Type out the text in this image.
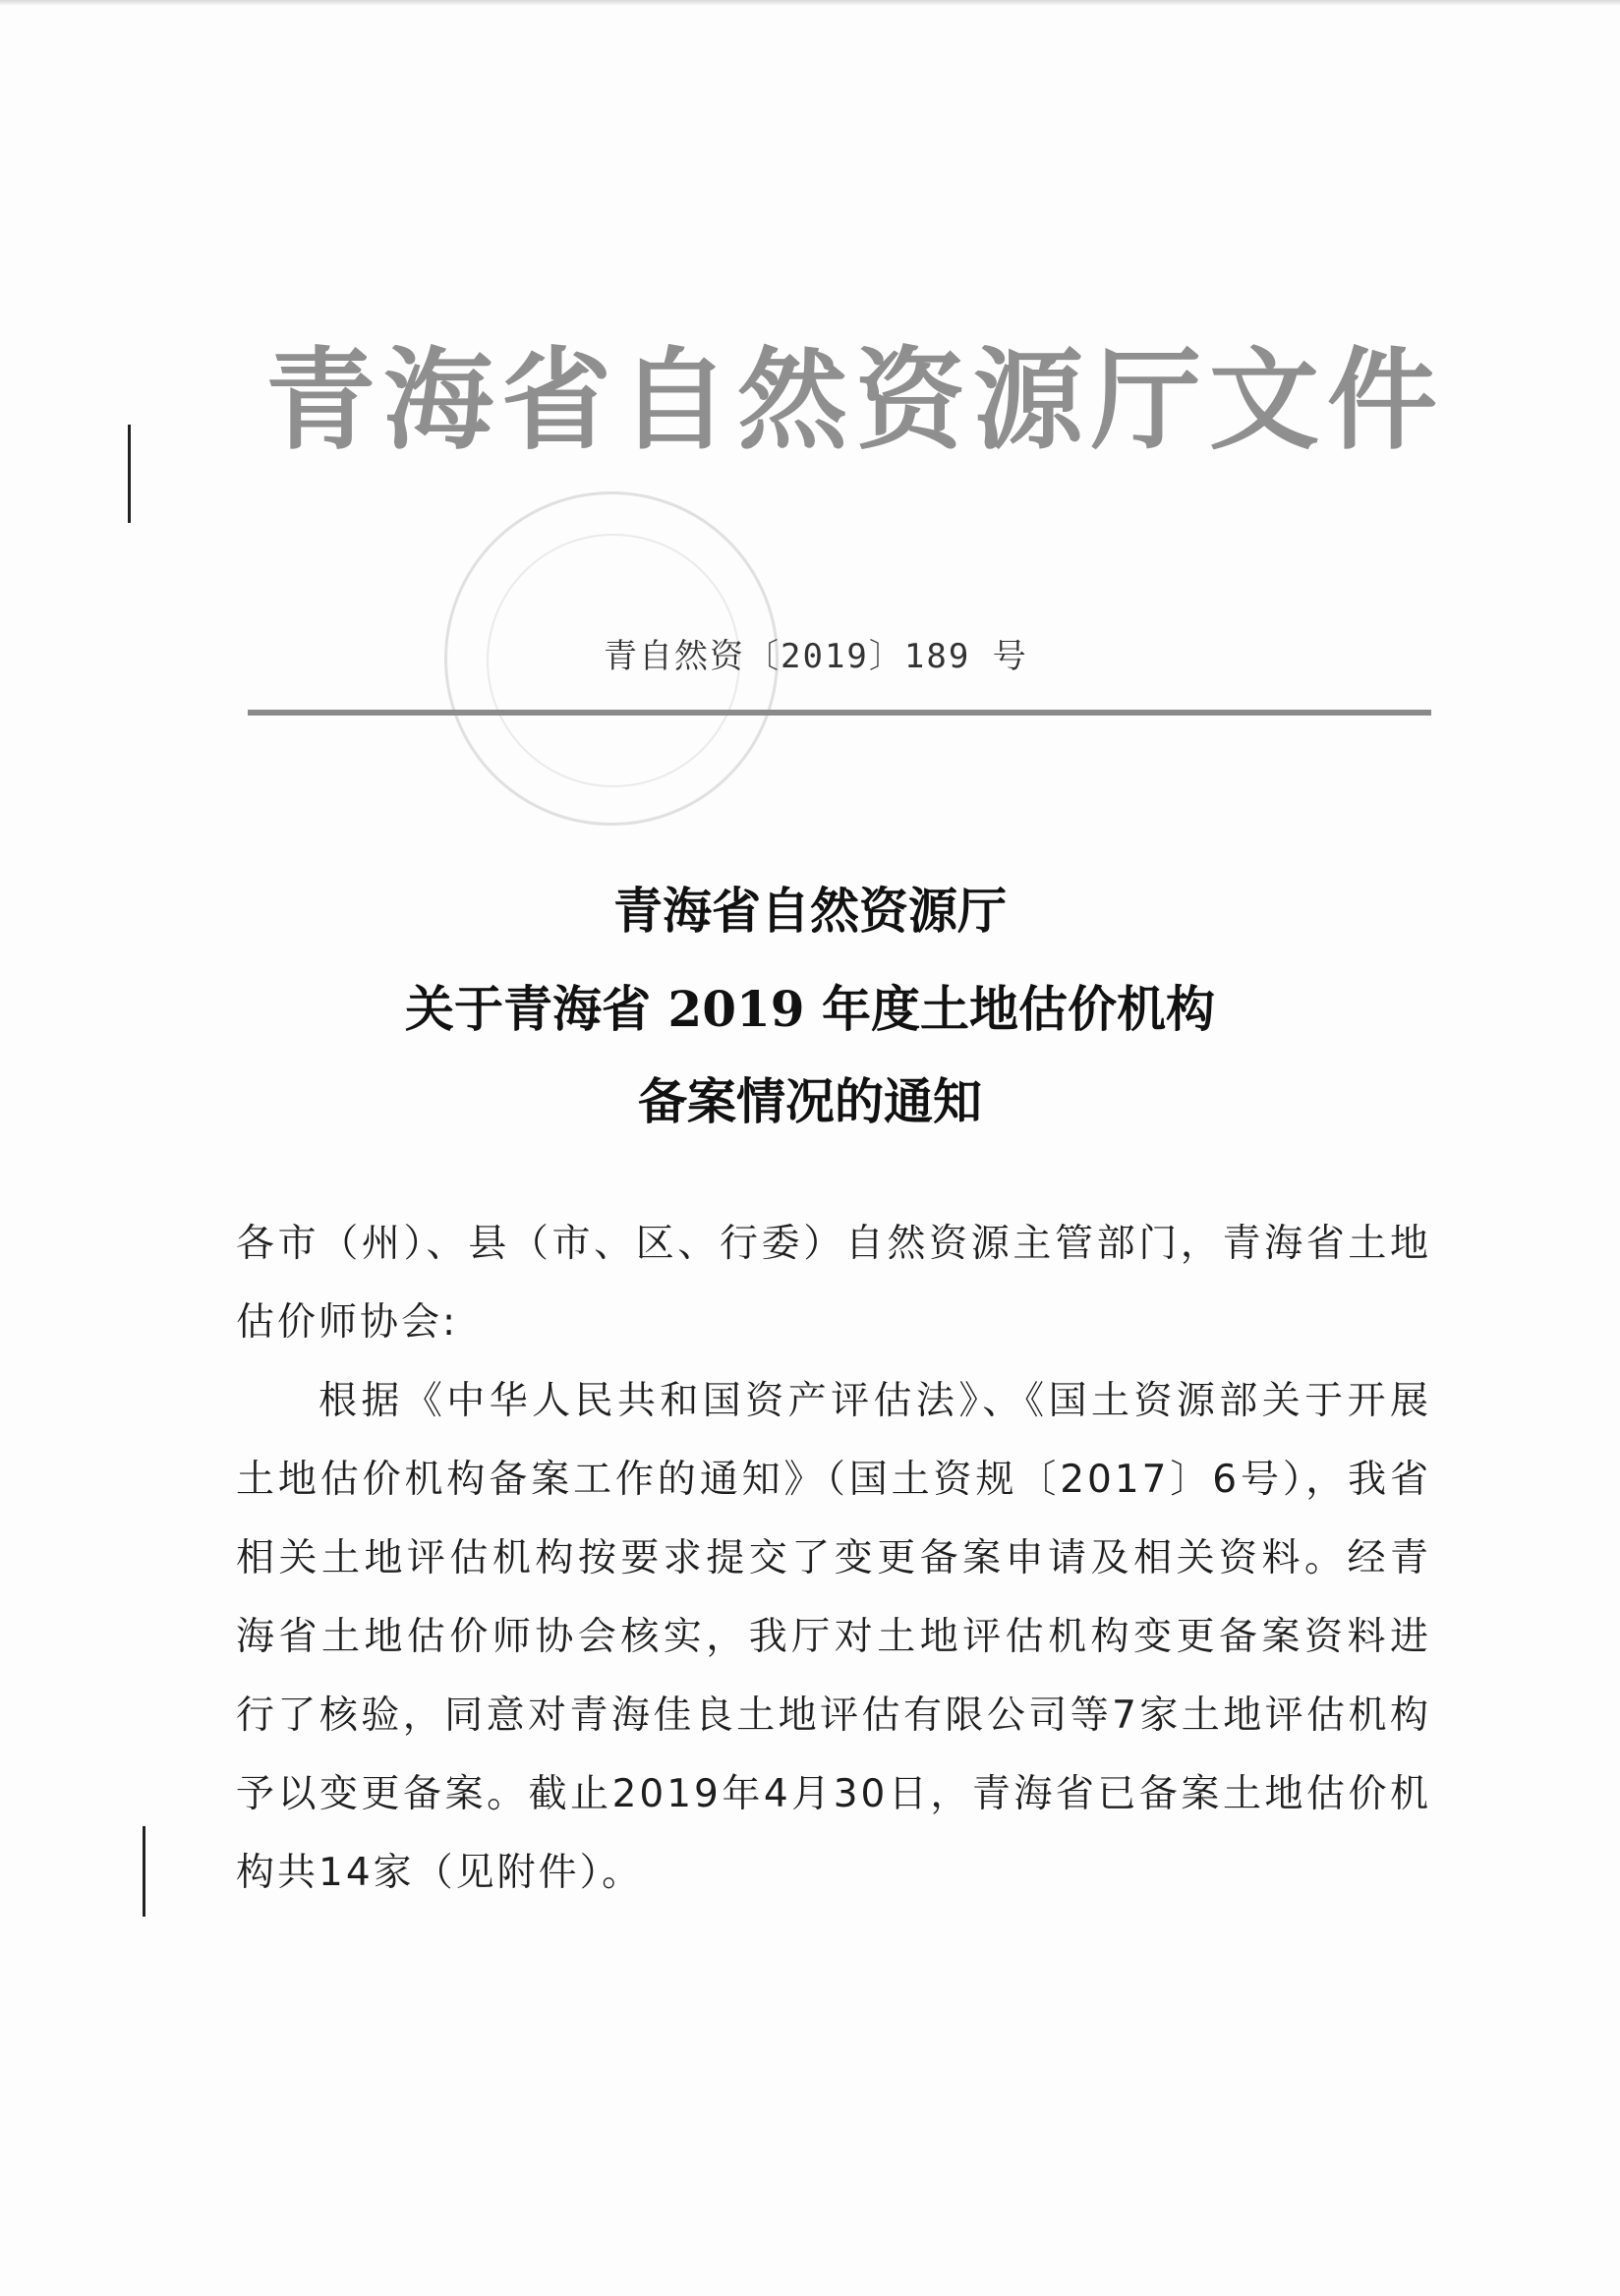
青海省自然资源厅文件
青自然资〔2019〕189 号
青海省自然资源厅
关于青海省 2019 年度土地估价机构
备案情况的通知
各市（州）、县（市、区、行委）自然资源主管部门，青海省土地估价师协会:
根据《中华人民共和国资产评估法》、《国土资源部关于开展土地估价机构备案工作的通知》（国土资规〔2017〕6号），我省相关土地评估机构按要求提交了变更备案申请及相关资料。经青海省土地估价师协会核实，我厅对土地评估机构变更备案资料进行了核验，同意对青海佳良土地评估有限公司等7家土地评估机构予以变更备案。截止2019年4月30日，青海省已备案土地估价机构共14家（见附件）。
